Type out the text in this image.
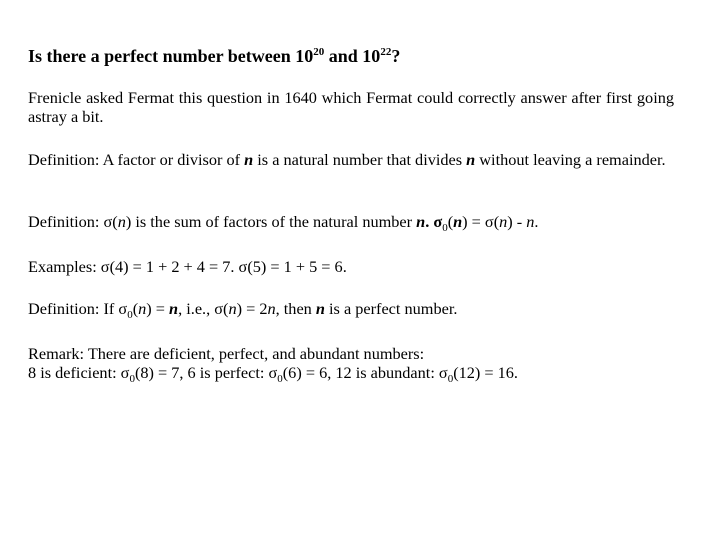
Is there a perfect number between $10^{20}$ and $10^{22}$?
Frenicle asked Fermat this question in 1640 which Fermat could correctly answer after first going astray a bit.
Definition: A factor or divisor of n is a natural number that divides n without leaving a remainder.
Definition: σ(n) is the sum of factors of the natural number n. $\sigma_0(n) = \sigma(n) - n$.
Examples: σ(4) = 1 + 2 + 4 = 7. σ(5) = 1 + 5 = 6.
Definition: If $\sigma_0(n) = n$, i.e., σ(n) = 2n, then n is a perfect number.
Remark: There are deficient, perfect, and abundant numbers:
8 is deficient: $\sigma_0(8) = 7$, 6 is perfect: $\sigma_0(6) = 6$, 12 is abundant: $\sigma_0(12) = 16$.
